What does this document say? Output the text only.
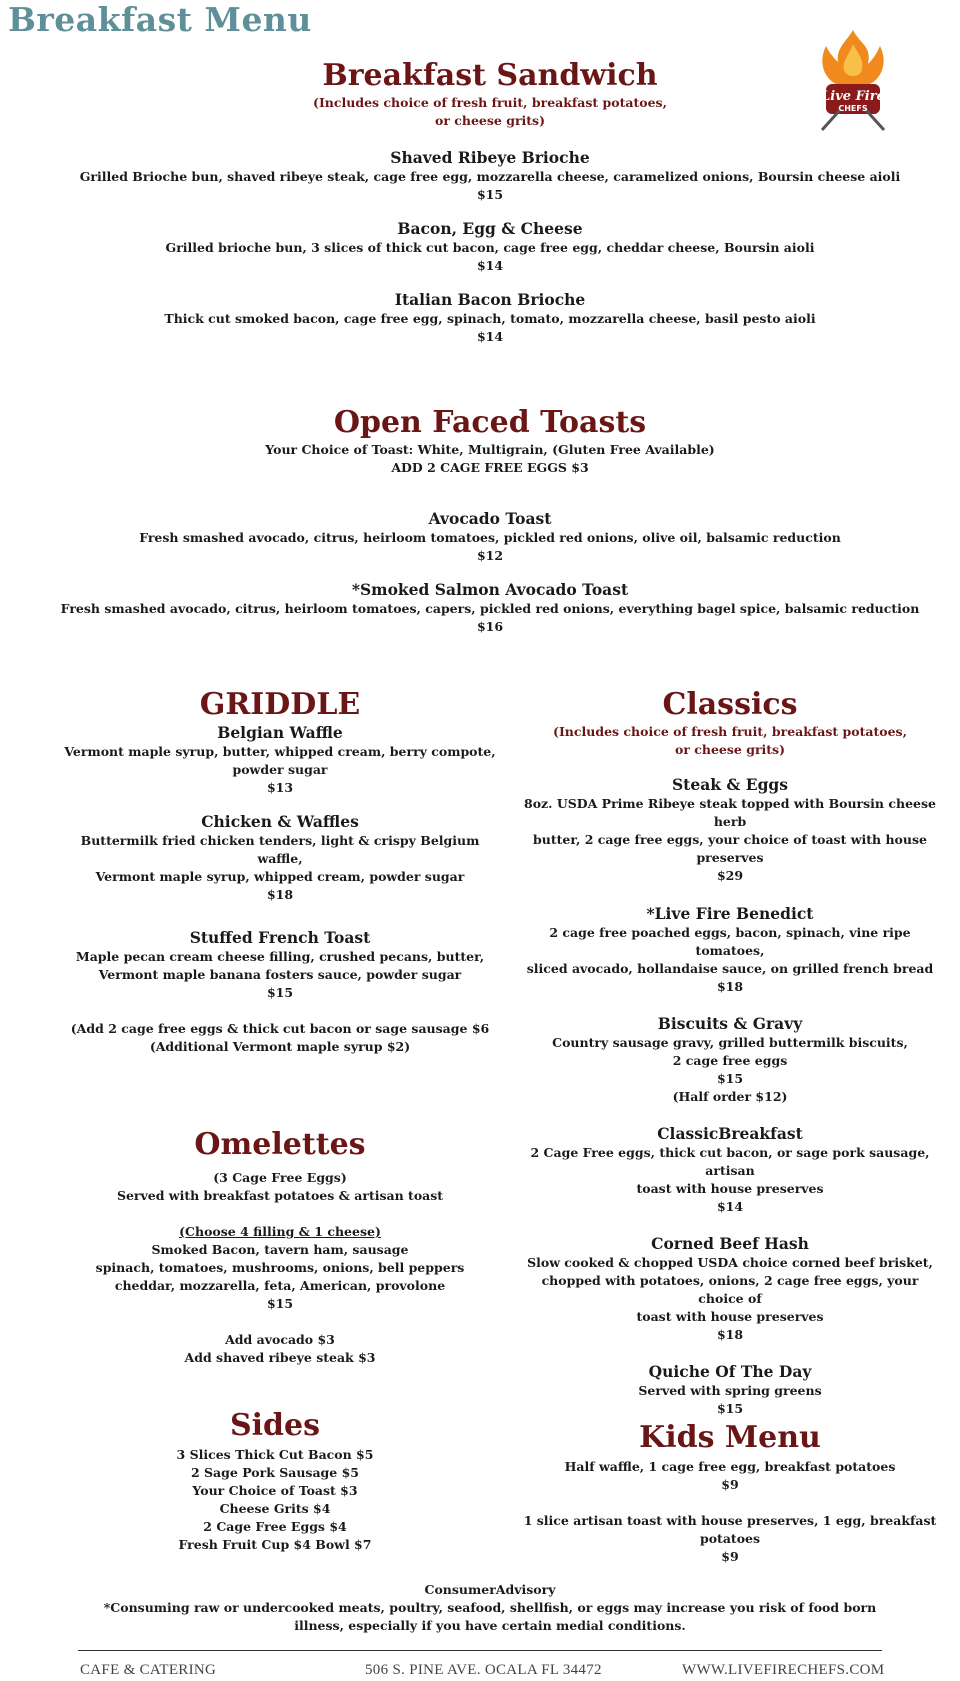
Breakfast Menu
Live Fire
CHEFS
Breakfast Sandwich
(Includes choice of fresh fruit, breakfast potatoes,
or cheese grits)
Shaved Ribeye Brioche
Grilled Brioche bun, shaved ribeye steak, cage free egg, mozzarella cheese, caramelized onions, Boursin cheese aioli
$15
Bacon, Egg & Cheese
Grilled brioche bun, 3 slices of thick cut bacon, cage free egg, cheddar cheese, Boursin aioli
$14
Italian Bacon Brioche
Thick cut smoked bacon, cage free egg, spinach, tomato, mozzarella cheese, basil pesto aioli
$14
Open Faced Toasts
Your Choice of Toast: White, Multigrain, (Gluten Free Available)
ADD 2 CAGE FREE EGGS $3
Avocado Toast
Fresh smashed avocado, citrus, heirloom tomatoes, pickled red onions, olive oil, balsamic reduction
$12
*Smoked Salmon Avocado Toast
Fresh smashed avocado, citrus, heirloom tomatoes, capers, pickled red onions, everything bagel spice, balsamic reduction
$16
GRIDDLE
Belgian Waffle
Vermont maple syrup, butter, whipped cream, berry compote,
powder sugar
$13
Chicken & Waffles
Buttermilk fried chicken tenders, light & crispy Belgium waffle,
Vermont maple syrup, whipped cream, powder sugar
$18
Stuffed French Toast
Maple pecan cream cheese filling, crushed pecans, butter,
Vermont maple banana fosters sauce, powder sugar
$15
(Add 2 cage free eggs & thick cut bacon or sage sausage $6
(Additional Vermont maple syrup $2)
Omelettes
(3 Cage Free Eggs)
Served with breakfast potatoes & artisan toast
(Choose 4 filling & 1 cheese)
Smoked Bacon, tavern ham, sausage
spinach, tomatoes, mushrooms, onions, bell peppers
cheddar, mozzarella, feta, American, provolone
$15
Add avocado $3
Add shaved ribeye steak $3
Sides
3 Slices Thick Cut Bacon $5
2 Sage Pork Sausage $5
Your Choice of Toast $3
Cheese Grits $4
2 Cage Free Eggs $4
Fresh Fruit Cup $4 Bowl $7
Classics
(Includes choice of fresh fruit, breakfast potatoes,
or cheese grits)
Steak & Eggs
8oz. USDA Prime Ribeye steak topped with Boursin cheese herb
butter, 2 cage free eggs, your choice of toast with house
preserves
$29
*Live Fire Benedict
2 cage free poached eggs, bacon, spinach, vine ripe tomatoes,
sliced avocado, hollandaise sauce, on grilled french bread
$18
Biscuits & Gravy
Country sausage gravy, grilled buttermilk biscuits,
2 cage free eggs
$15
(Half order $12)
ClassicBreakfast
2 Cage Free eggs, thick cut bacon, or sage pork sausage, artisan
toast with house preserves
$14
Corned Beef Hash
Slow cooked & chopped USDA choice corned beef brisket,
chopped with potatoes, onions, 2 cage free eggs, your choice of
toast with house preserves
$18
Quiche Of The Day
Served with spring greens
$15
Kids Menu
Half waffle, 1 cage free egg, breakfast potatoes
$9
1 slice artisan toast with house preserves, 1 egg, breakfast
potatoes
$9
ConsumerAdvisory
*Consuming raw or undercooked meats, poultry, seafood, shellfish, or eggs may increase you risk of food born
illness, especially if you have certain medial conditions.
CAFE & CATERING	506 S. PINE AVE. OCALA FL 34472	WWW.LIVEFIRECHEFS.COM
